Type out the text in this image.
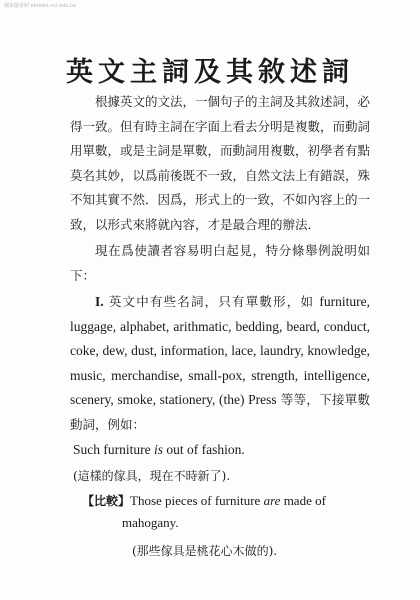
國家圖書館 ebooks.ncl.edu.tw
英文主詞及其敘述詞

根據英文的文法，一個句子的主詞及其敘述詞，必得一致。但有時主詞在字面上看去分明是複數，而動詞用單數，或是主詞是單數，而動詞用複數，初學者有點莫名其妙，以爲前後既不一致，自然文法上有錯誤，殊不知其實不然．因爲，形式上的一致，不如內容上的一致，以形式來將就內容，才是最合理的辦法．

現在爲使讀者容易明白起見，特分條舉例說明如下：

I. 英文中有些名詞，只有單數形，如 furniture, luggage, alphabet, arithmatic, bedding, beard, conduct, coke, dew, dust, information, lace, laundry, knowledge, music, merchandise, small-pox, strength, intelligence, scenery, smoke, stationery, (the) Press 等等，下接單數動詞，例如：

Such furniture is out of fashion.

(這樣的傢具，現在不時新了).

【比較】Those pieces of furniture are made of

mahogany.

(那些傢具是桃花心木做的).
